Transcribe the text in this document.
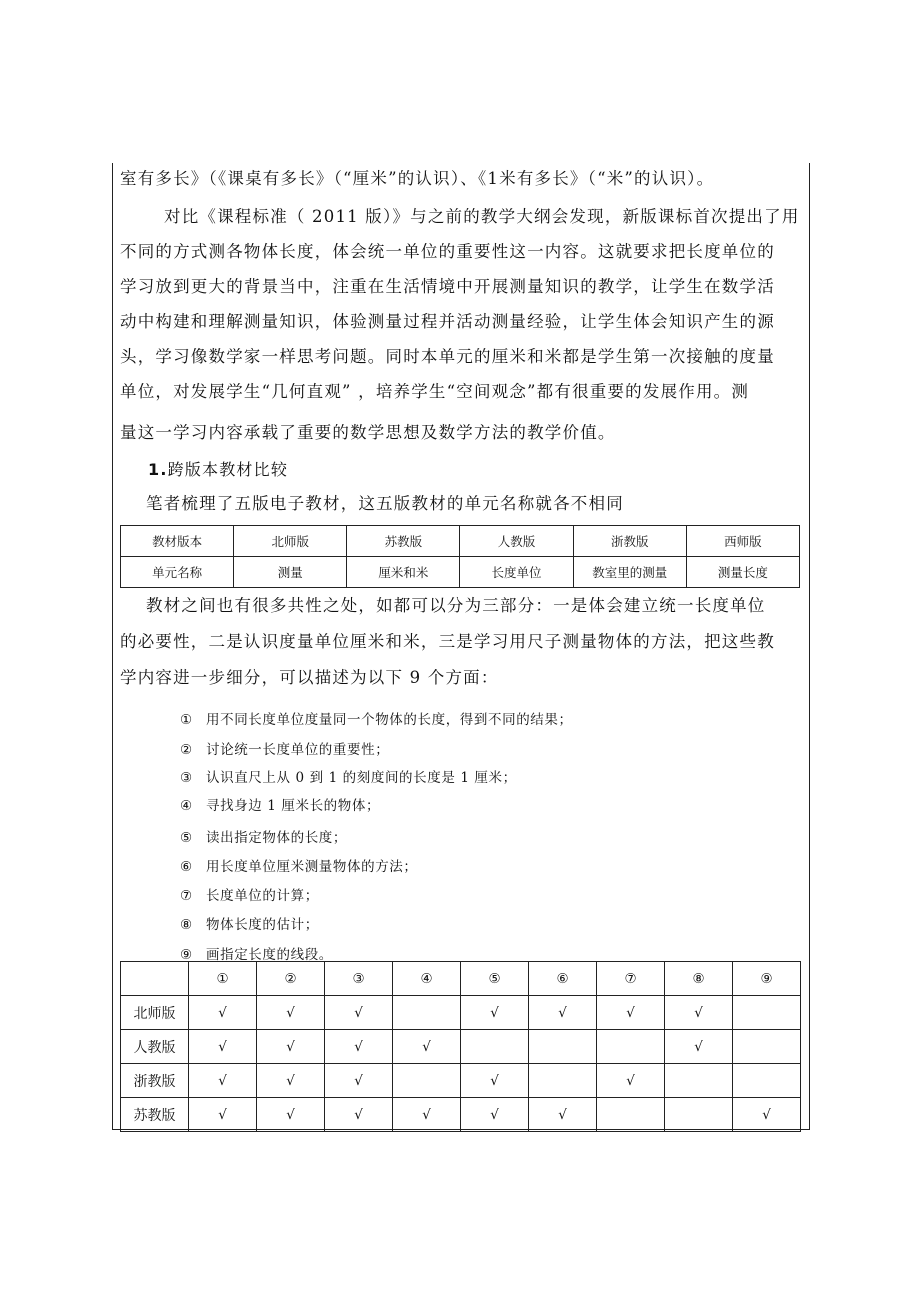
室有多长》（《课桌有多长》（“厘米”的认识）、《1米有多长》（“米”的认识）。
对比《课程标准（ 2011 版）》与之前的教学大纲会发现，新版课标首次提出了用
不同的方式测各物体长度，体会统一单位的重要性这一内容。这就要求把长度单位的
学习放到更大的背景当中，注重在生活情境中开展测量知识的教学，让学生在数学活
动中构建和理解测量知识，体验测量过程并活动测量经验，让学生体会知识产生的源
头，学习像数学家一样思考问题。同时本单元的厘米和米都是学生第一次接触的度量
单位，对发展学生“几何直观” ，培养学生“空间观念”都有很重要的发展作用。测
量这一学习内容承载了重要的数学思想及数学方法的教学价值。
1.跨版本教材比较
笔者梳理了五版电子教材，这五版教材的单元名称就各不相同
教材版本	北师版	苏教版	人教版	浙教版	西师版
单元名称	测量	厘米和米	长度单位	教室里的测量	测量长度
教材之间也有很多共性之处，如都可以分为三部分：一是体会建立统一长度单位
的必要性，二是认识度量单位厘米和米，三是学习用尺子测量物体的方法，把这些教
学内容进一步细分，可以描述为以下 9 个方面：
① 用不同长度单位度量同一个物体的长度，得到不同的结果；
② 讨论统一长度单位的重要性；
③ 认识直尺上从 0 到 1 的刻度间的长度是 1 厘米；
④ 寻找身边 1 厘米长的物体；
⑤ 读出指定物体的长度；
⑥ 用长度单位厘米测量物体的方法；
⑦ 长度单位的计算；
⑧ 物体长度的估计；
⑨ 画指定长度的线段。
	①	②	③	④	⑤	⑥	⑦	⑧	⑨
北师版	√	√	√		√	√	√	√	
人教版	√	√	√	√				√	
浙教版	√	√	√		√		√		
苏教版	√	√	√	√	√	√			√
